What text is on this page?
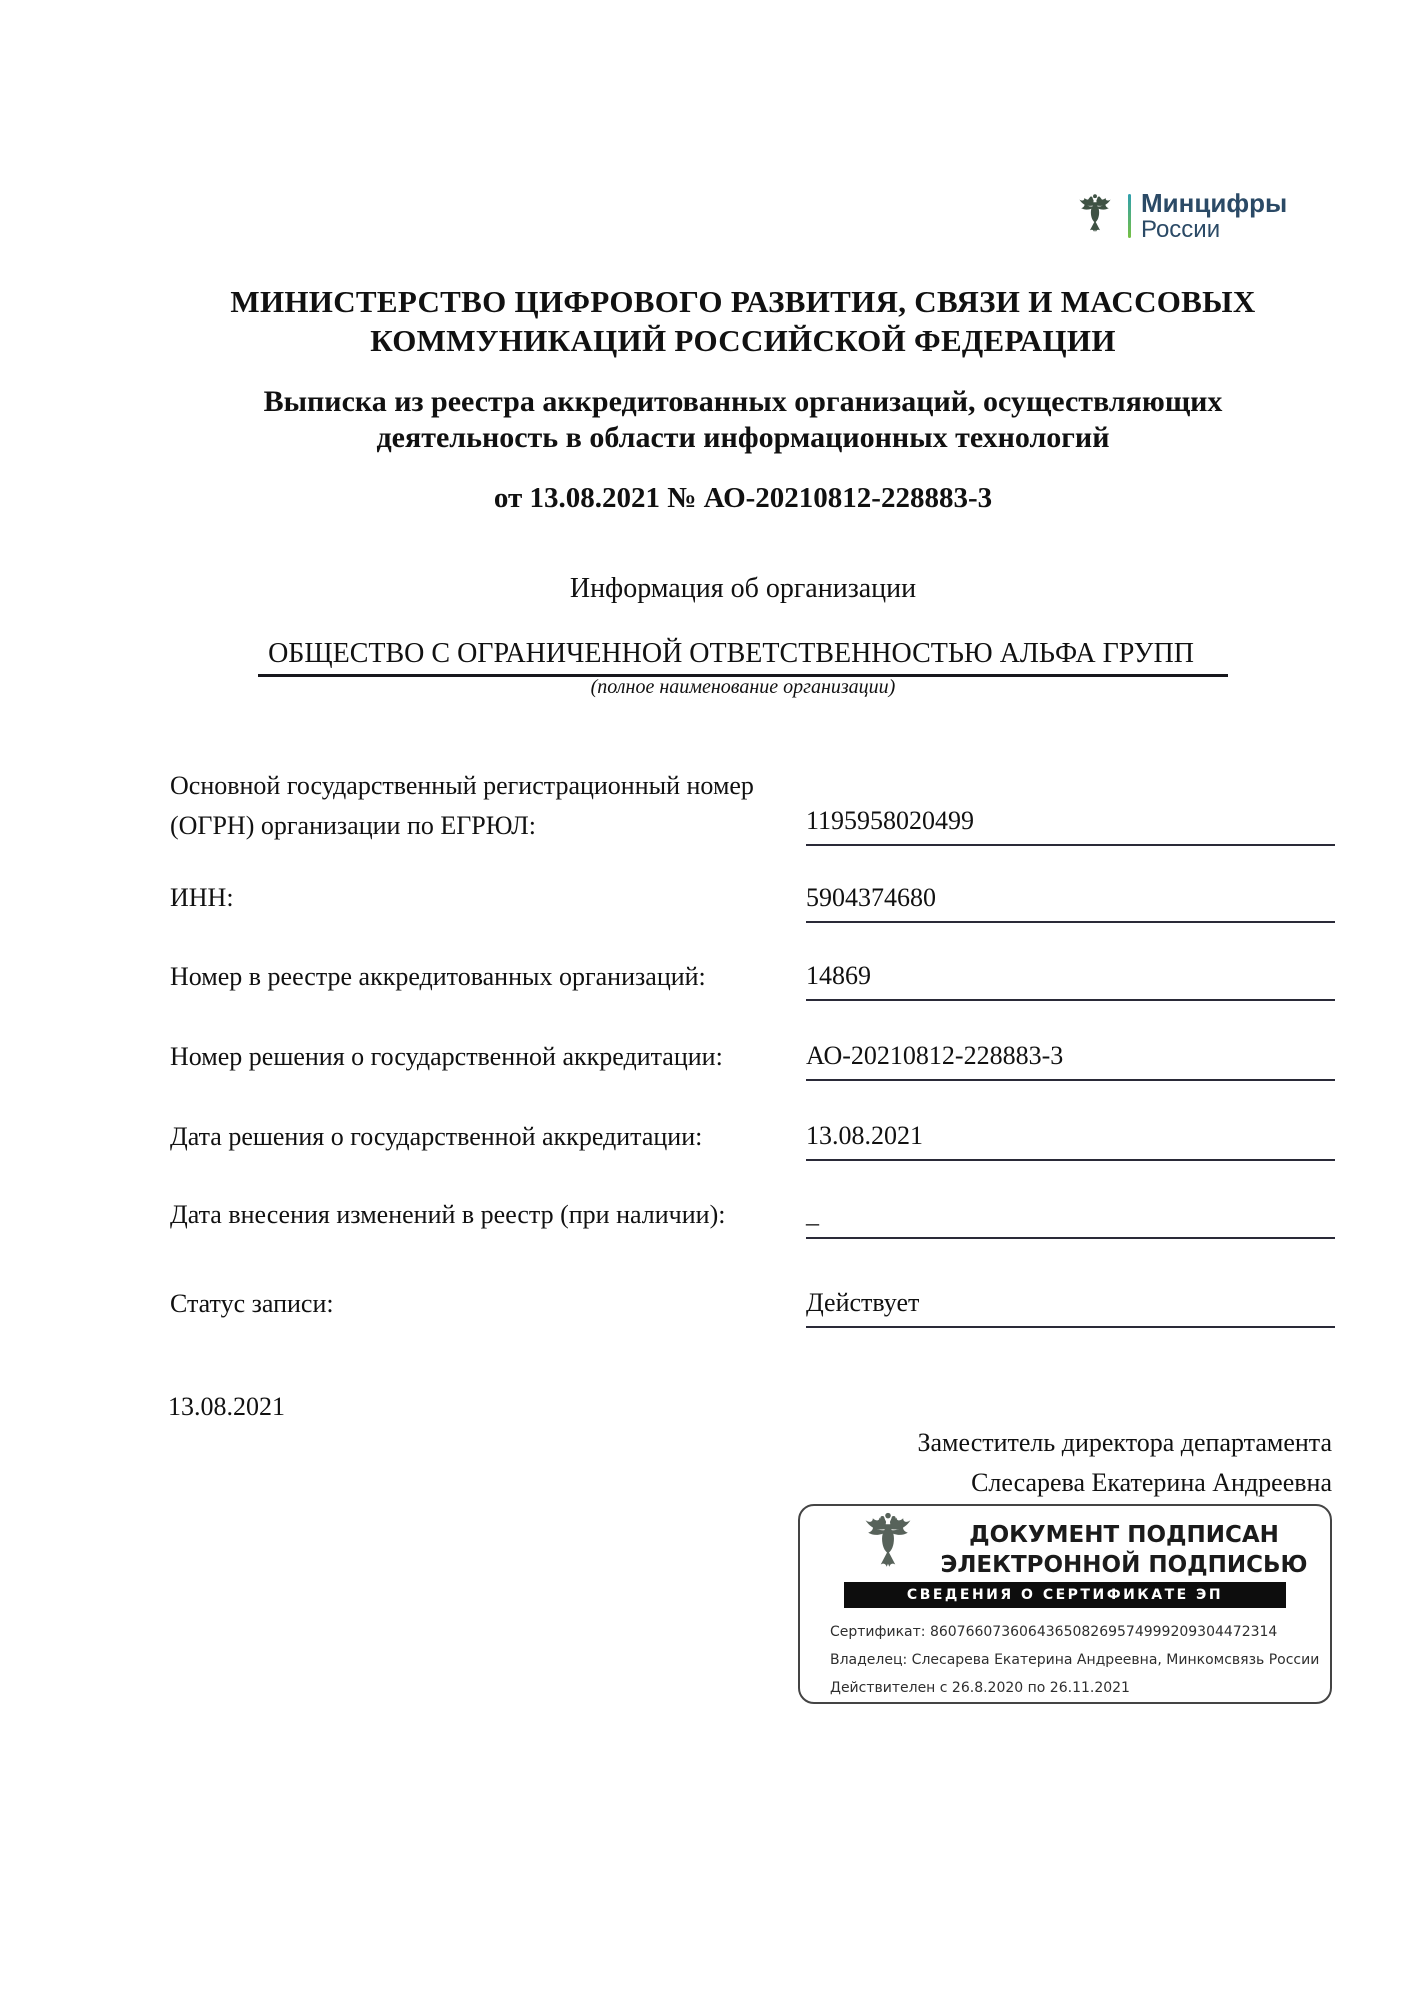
Минцифры
России
МИНИСТЕРСТВО ЦИФРОВОГО РАЗВИТИЯ, СВЯЗИ И МАССОВЫХ
КОММУНИКАЦИЙ РОССИЙСКОЙ ФЕДЕРАЦИИ
Выписка из реестра аккредитованных организаций, осуществляющих
деятельность в области информационных технологий
от 13.08.2021 № АО-20210812-228883-3
Информация об организации
ОБЩЕСТВО С ОГРАНИЧЕННОЙ ОТВЕТСТВЕННОСТЬЮ АЛЬФА ГРУПП
(полное наименование организации)
Основной государственный регистрационный номер (ОГРН) организации по ЕГРЮЛ:	1195958020499
ИНН:	5904374680
Номер в реестре аккредитованных организаций:	14869
Номер решения о государственной аккредитации:	АО-20210812-228883-3
Дата решения о государственной аккредитации:	13.08.2021
Дата внесения изменений в реестр (при наличии):	_
Статус записи:	Действует
13.08.2021
Заместитель директора департамента
Слесарева Екатерина Андреевна
ДОКУМЕНТ ПОДПИСАН
ЭЛЕКТРОННОЙ ПОДПИСЬЮ
СВЕДЕНИЯ О СЕРТИФИКАТЕ ЭП
Сертификат: 860766073606436508269574999209304472314
Владелец: Слесарева Екатерина Андреевна, Минкомсвязь России
Действителен с 26.8.2020 по 26.11.2021
